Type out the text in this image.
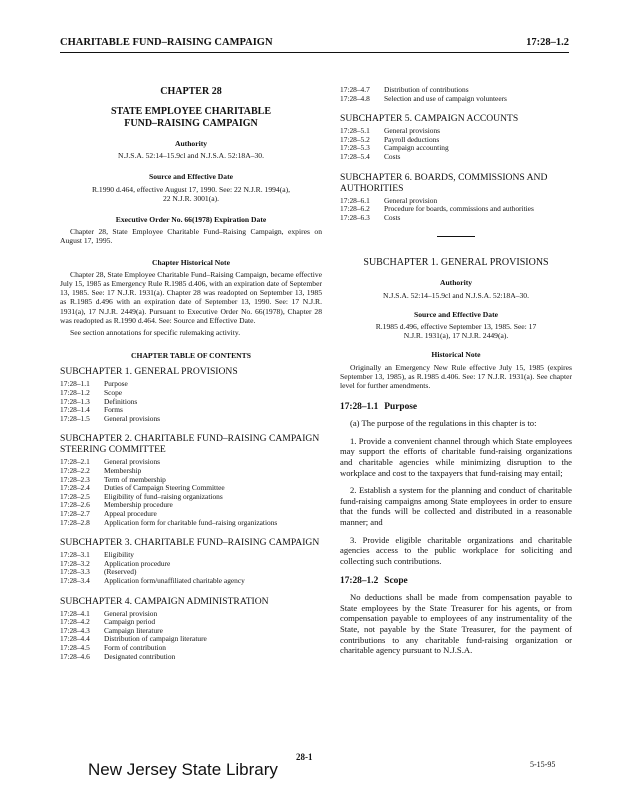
CHARITABLE FUND–RAISING CAMPAIGN	17:28–1.2
CHAPTER 28
STATE EMPLOYEE CHARITABLE FUND–RAISING CAMPAIGN
Authority
N.J.S.A. 52:14–15.9cl and N.J.S.A. 52:18A–30.
Source and Effective Date
R.1990 d.464, effective August 17, 1990. See: 22 N.J.R. 1994(a), 22 N.J.R. 3001(a).
Executive Order No. 66(1978) Expiration Date
Chapter 28, State Employee Charitable Fund–Raising Campaign, expires on August 17, 1995.
Chapter Historical Note
Chapter 28, State Employee Charitable Fund–Raising Campaign, became effective July 15, 1985 as Emergency Rule R.1985 d.406, with an expiration date of September 13, 1985. See: 17 N.J.R. 1931(a). Chapter 28 was readopted on September 13, 1985 as R.1985 d.496 with an expiration date of September 13, 1990. See: 17 N.J.R. 1931(a), 17 N.J.R. 2449(a). Pursuant to Executive Order No. 66(1978), Chapter 28 was readopted as R.1990 d.464. See: Source and Effective Date.
See section annotations for specific rulemaking activity.
CHAPTER TABLE OF CONTENTS
SUBCHAPTER 1. GENERAL PROVISIONS
17:28–1.1	Purpose
17:28–1.2	Scope
17:28–1.3	Definitions
17:28–1.4	Forms
17:28–1.5	General provisions
SUBCHAPTER 2. CHARITABLE FUND–RAISING CAMPAIGN STEERING COMMITTEE
17:28–2.1	General provisions
17:28–2.2	Membership
17:28–2.3	Term of membership
17:28–2.4	Duties of Campaign Steering Committee
17:28–2.5	Eligibility of fund–raising organizations
17:28–2.6	Membership procedure
17:28–2.7	Appeal procedure
17:28–2.8	Application form for charitable fund–raising organizations
SUBCHAPTER 3. CHARITABLE FUND–RAISING CAMPAIGN
17:28–3.1	Eligibility
17:28–3.2	Application procedure
17:28–3.3	(Reserved)
17:28–3.4	Application form/unaffiliated charitable agency
SUBCHAPTER 4. CAMPAIGN ADMINISTRATION
17:28–4.1	General provision
17:28–4.2	Campaign period
17:28–4.3	Campaign literature
17:28–4.4	Distribution of campaign literature
17:28–4.5	Form of contribution
17:28–4.6	Designated contribution
17:28–4.7	Distribution of contributions
17:28–4.8	Selection and use of campaign volunteers
SUBCHAPTER 5. CAMPAIGN ACCOUNTS
17:28–5.1	General provisions
17:28–5.2	Payroll deductions
17:28–5.3	Campaign accounting
17:28–5.4	Costs
SUBCHAPTER 6. BOARDS, COMMISSIONS AND AUTHORITIES
17:28–6.1	General provision
17:28–6.2	Procedure for boards, commissions and authorities
17:28–6.3	Costs
SUBCHAPTER 1. GENERAL PROVISIONS
Authority
N.J.S.A. 52:14–15.9cl and N.J.S.A. 52:18A–30.
Source and Effective Date
R.1985 d.496, effective September 13, 1985. See: 17 N.J.R. 1931(a), 17 N.J.R. 2449(a).
Historical Note
Originally an Emergency New Rule effective July 15, 1985 (expires September 13, 1985), as R.1985 d.406. See: 17 N.J.R. 1931(a). See chapter level for further amendments.
17:28–1.1 Purpose
(a) The purpose of the regulations in this chapter is to:
1. Provide a convenient channel through which State employees may support the efforts of charitable fund-raising organizations and charitable agencies while minimizing disruption to the workplace and cost to the taxpayers that fund-raising may entail;
2. Establish a system for the planning and conduct of charitable fund-raising campaigns among State employees in order to ensure that the funds will be collected and distributed in a reasonable manner; and
3. Provide eligible charitable organizations and charitable agencies access to the public workplace for soliciting and collecting such contributions.
17:28–1.2 Scope
No deductions shall be made from compensation payable to State employees by the State Treasurer for his agents, or from compensation payable to employees of any instrumentality of the State, not payable by the State Treasurer, for the payment of contributions to any charitable fund-raising organization or charitable agency pursuant to N.J.S.A.
28-1
New Jersey State Library	5-15-95
